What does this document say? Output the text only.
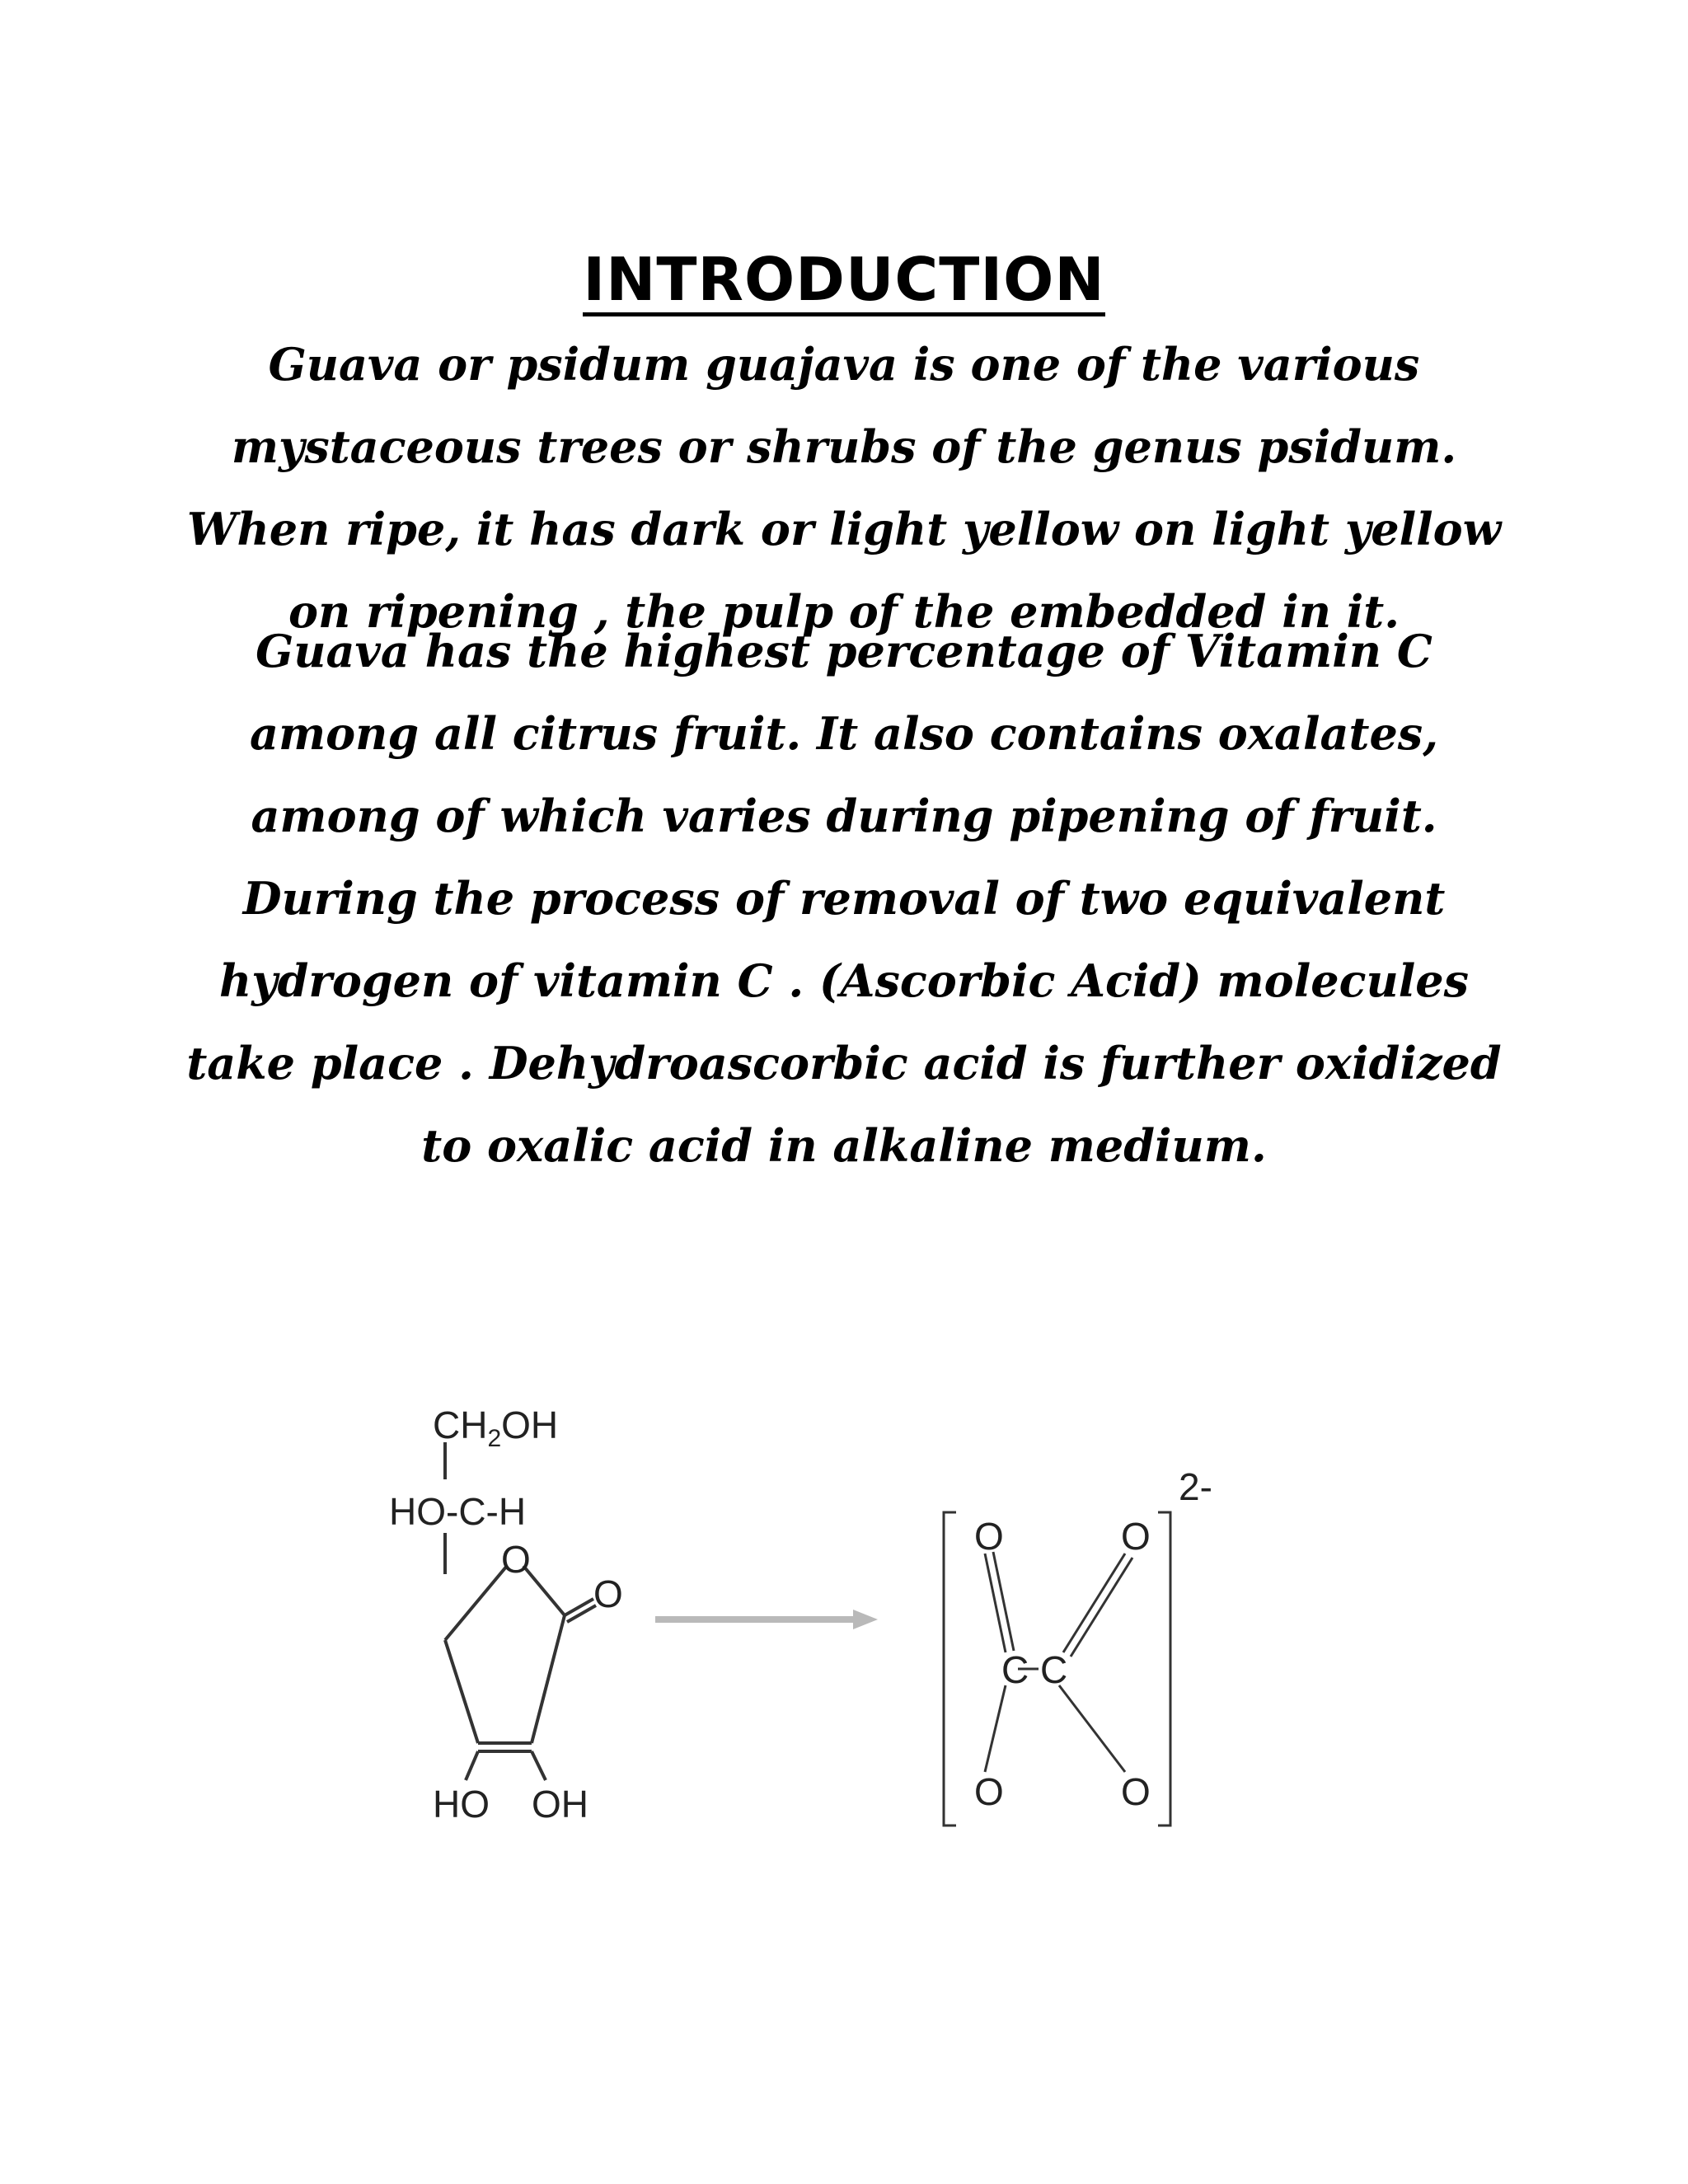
INTRODUCTION

Guava or psidum guajava is one of the various mystaceous trees or shrubs of the genus psidum. When ripe, it has dark or light yellow on light yellow on ripening , the pulp of the embedded in it.

Guava has the highest percentage of Vitamin C among all citrus fruit. It also contains oxalates, among of which varies during pipening of fruit. During the process of removal of two equivalent hydrogen of vitamin C . (Ascorbic Acid) molecules take place . Dehydroascorbic acid is further oxidized to oxalic acid in alkaline medium.

$CH_2OH$
HO-C-H
O
O
HO OH
O	O
C C
O	O
2-
